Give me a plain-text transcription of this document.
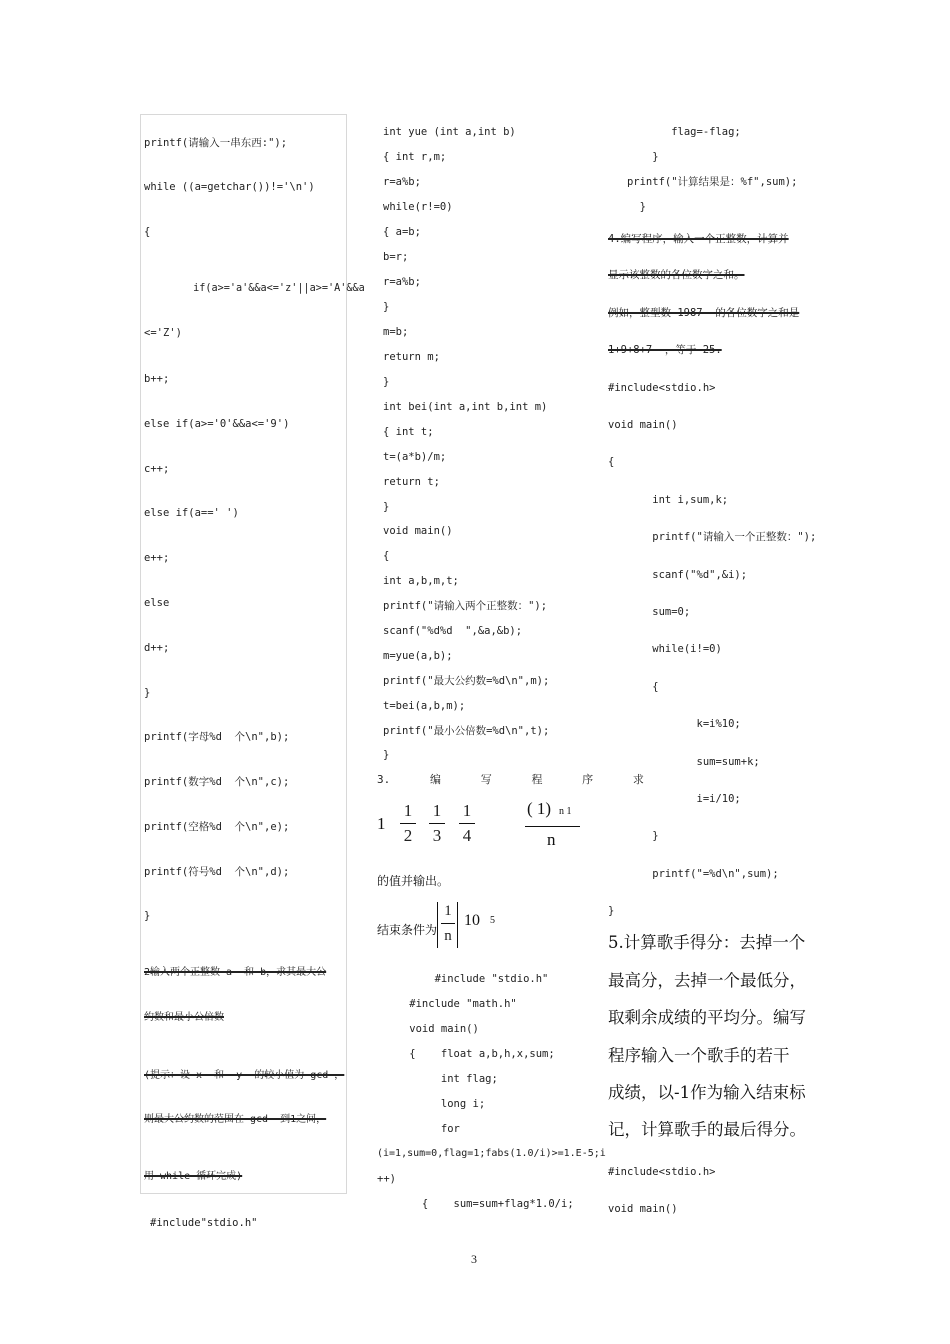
printf(请输入一串东西:");
while ((a=getchar())!='\n')
{
if(a>='a'&&a<='z'||a>='A'&&a
<='Z')
b++;
else if(a>='0'&&a<='9')
c++;
else if(a==' ')
e++;
else
d++;
}
printf(字母%d  个\n",b);
printf(数字%d  个\n",c);
printf(空格%d  个\n",e);
printf(符号%d  个\n",d);
}
2输入两个正整数 a  和 b，求其最大公
约数和最小公倍数
(提示：设 x  和  y  的较小值为 gcd ，
则最大公约数的范围在 gcd  到1之间，
用 while 循环完成)
#include"stdio.h"
int yue (int a,int b)
{ int r,m;
r=a%b;
while(r!=0)
{ a=b;
b=r;
r=a%b;
}
m=b;
return m;
}
int bei(int a,int b,int m)
{ int t;
t=(a*b)/m;
return t;
}
void main()
{
int a,b,m,t;
printf("请输入两个正整数：");
scanf("%d%d  ",&a,&b);
m=yue(a,b);
printf("最大公约数=%d\n",m);
t=bei(a,b,m);
printf("最小公倍数=%d\n",t);
}
3.      编      写      程      序      求
1
1
2
1
3
1
4
( 1) n 1
n
的值并输出。
结束条件为
1
n
10 5
#include "stdio.h"
#include "math.h"
void main()
{    float a,b,h,x,sum;
int flag;
long i;
for
(i=1,sum=0,flag=1;fabs(1.0/i)>=1.E-5;i
++)
{    sum=sum+flag*1.0/i;
flag=-flag;
}
printf("计算结果是：%f",sum);
}
4.编写程序，输入一个正整数，计算并
显示该整数的各位数字之和。
例如，整型数 1987  的各位数字之和是
1+9+8+7  ，等于 25.
#include<stdio.h>
void main()
{
int i,sum,k;
printf("请输入一个正整数：");
scanf("%d",&i);
sum=0;
while(i!=0)
{
k=i%10;
sum=sum+k;
i=i/10;
}
printf("=%d\n",sum);
}
5.计算歌手得分：去掉一个
最高分，去掉一个最低分，
取剩余成绩的平均分。编写
程序输入一个歌手的若干
成绩，以-1作为输入结束标
记，计算歌手的最后得分。
#include<stdio.h>
void main()
3
